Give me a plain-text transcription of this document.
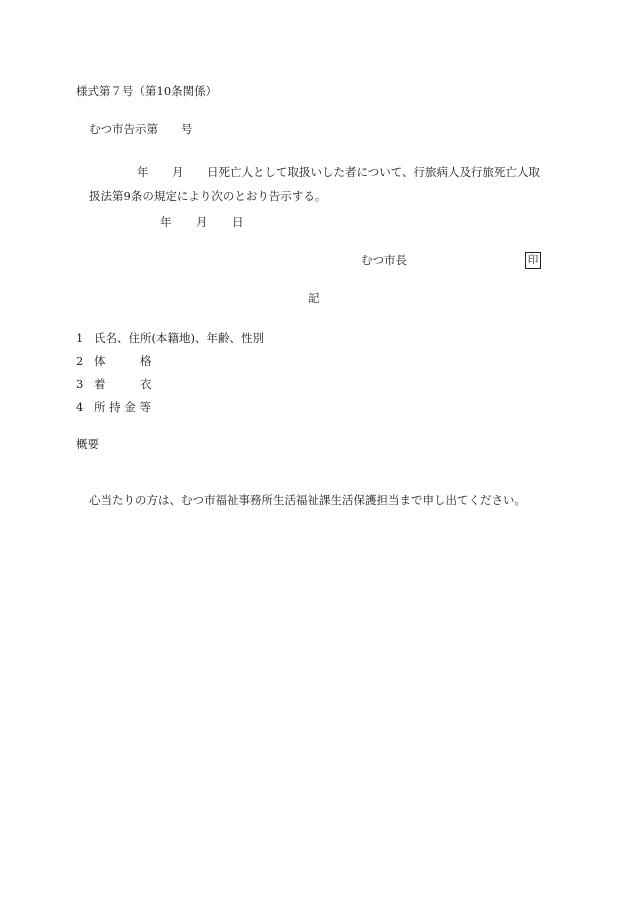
様式第７号（第10条関係）
むつ市告示第　　号
年 月 日死亡人として取扱いした者について、行旅病人及行旅死亡人取
扱法第9条の規定により次のとおり告示する。
年 月 日
むつ市長	印
記
1 氏名、住所(本籍地)、年齢、性別
2 体　　　格
3 着　　　衣
4 所 持 金 等
概要
心当たりの方は、むつ市福祉事務所生活福祉課生活保護担当まで申し出てください。
